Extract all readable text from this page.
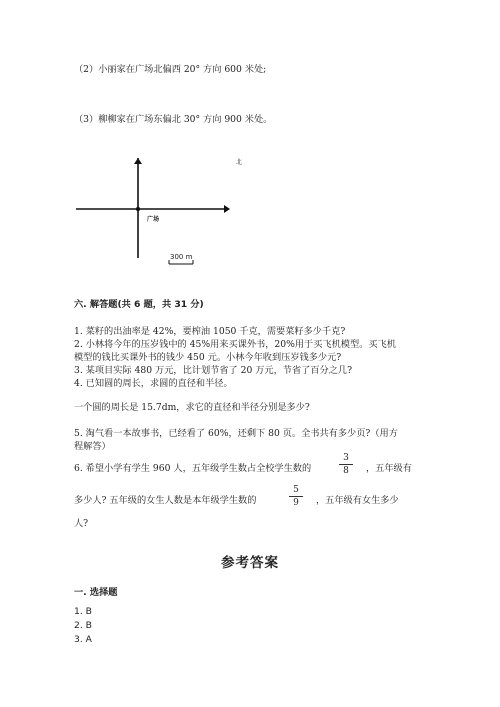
（2）小丽家在广场北偏西 20° 方向 600 米处;
（3）柳柳家在广场东偏北 30° 方向 900 米处。
北
广场
300 m
六. 解答题(共 6 题，共 31 分)
1. 菜籽的出油率是 42%，要榨油 1050 千克，需要菜籽多少千克?
2. 小林将今年的压岁钱中的 45%用来买课外书，20%用于买飞机模型。买飞机
模型的钱比买课外书的钱少 450 元。小林今年收到压岁钱多少元?
3. 某项目实际 480 万元，比计划节省了 20 万元，节省了百分之几?
4. 已知圆的周长，求圆的直径和半径。
一个圆的周长是 15.7dm，求它的直径和半径分别是多少?
5. 淘气看一本故事书，已经看了 60%，还剩下 80 页。全书共有多少页?（用方
程解答）
6. 希望小学有学生 960 人，五年级学生数占全校学生数的
3
8	，五年级有
多少人? 五年级的女生人数是本年级学生数的
5
9	，五年级有女生多少
人?
参考答案
一. 选择题
1. B
2. B
3. A
